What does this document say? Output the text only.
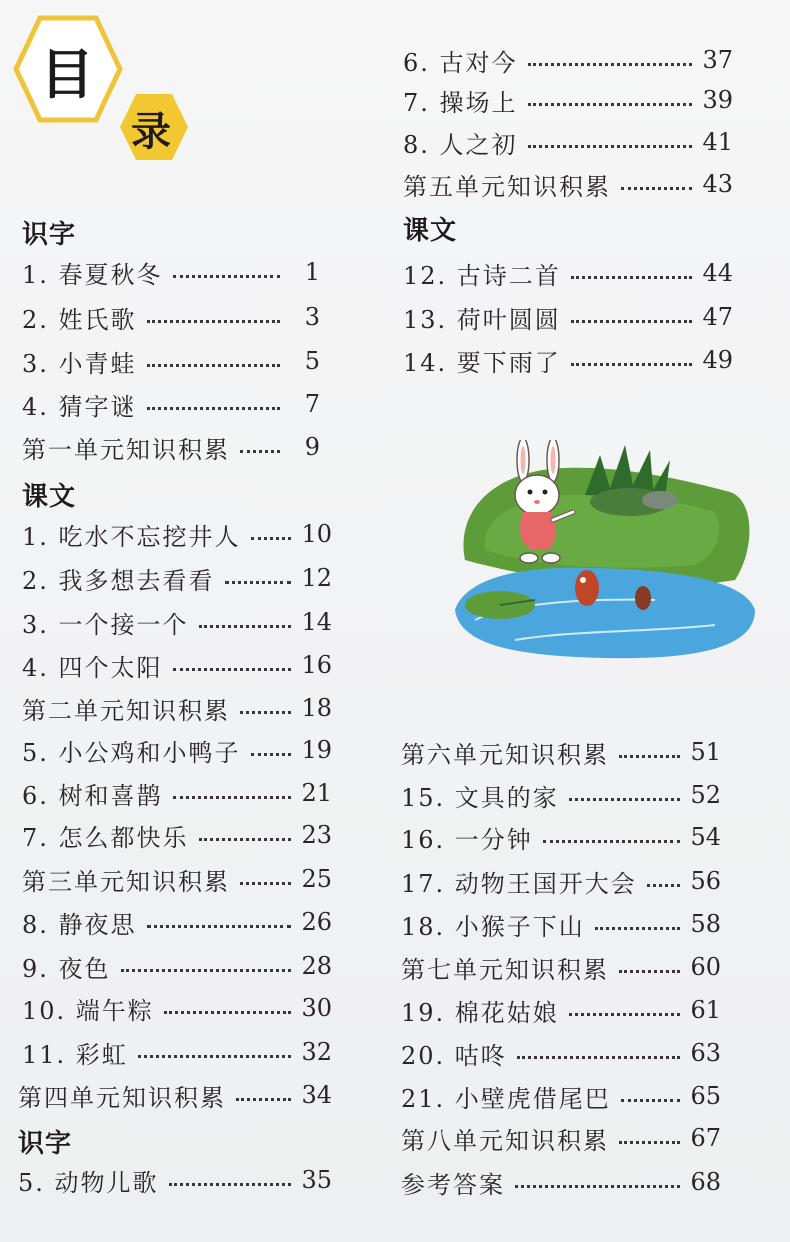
目
录
识字
1. 春夏秋冬	1
2. 姓氏歌	3
3. 小青蛙	5
4. 猜字谜	7
第一单元知识积累	9
课文
1. 吃水不忘挖井人	10
2. 我多想去看看	12
3. 一个接一个	14
4. 四个太阳	16
第二单元知识积累	18
5. 小公鸡和小鸭子	19
6. 树和喜鹊	21
7. 怎么都快乐	23
第三单元知识积累	25
8. 静夜思	26
9. 夜色	28
10. 端午粽	30
11. 彩虹	32
第四单元知识积累	34
识字
5. 动物儿歌	35
6. 古对今	37
7. 操场上	39
8. 人之初	41
第五单元知识积累	43
课文
12. 古诗二首	44
13. 荷叶圆圆	47
14. 要下雨了	49
第六单元知识积累	51
15. 文具的家	52
16. 一分钟	54
17. 动物王国开大会 56
18. 小猴子下山	58
第七单元知识积累	60
19. 棉花姑娘	61
20. 咕咚	63
21. 小壁虎借尾巴	65
第八单元知识积累	67
参考答案	68
